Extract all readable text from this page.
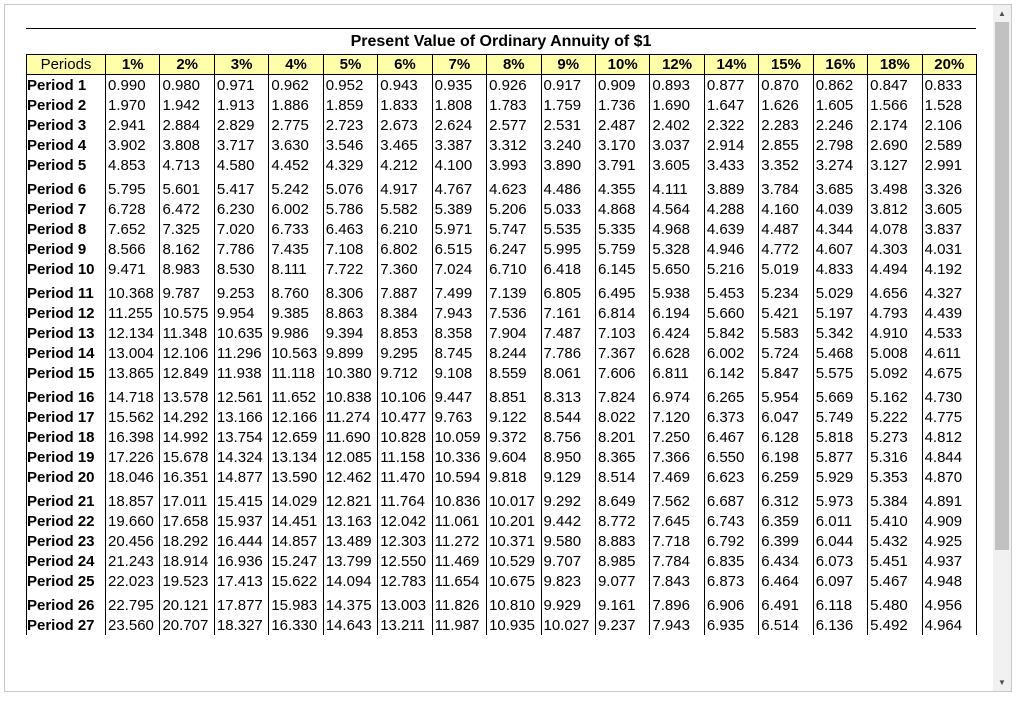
Present Value of Ordinary Annuity of $1
Periods	1%	2%	3%	4%	5%	6%	7%	8%	9%	10%	12%	14%	15%	16%	18%	20%
Period 1	0.990	0.980	0.971	0.962	0.952	0.943	0.935	0.926	0.917	0.909	0.893	0.877	0.870	0.862	0.847	0.833
Period 2	1.970	1.942	1.913	1.886	1.859	1.833	1.808	1.783	1.759	1.736	1.690	1.647	1.626	1.605	1.566	1.528
Period 3	2.941	2.884	2.829	2.775	2.723	2.673	2.624	2.577	2.531	2.487	2.402	2.322	2.283	2.246	2.174	2.106
Period 4	3.902	3.808	3.717	3.630	3.546	3.465	3.387	3.312	3.240	3.170	3.037	2.914	2.855	2.798	2.690	2.589
Period 5	4.853	4.713	4.580	4.452	4.329	4.212	4.100	3.993	3.890	3.791	3.605	3.433	3.352	3.274	3.127	2.991
Period 6	5.795	5.601	5.417	5.242	5.076	4.917	4.767	4.623	4.486	4.355	4.111	3.889	3.784	3.685	3.498	3.326
Period 7	6.728	6.472	6.230	6.002	5.786	5.582	5.389	5.206	5.033	4.868	4.564	4.288	4.160	4.039	3.812	3.605
Period 8	7.652	7.325	7.020	6.733	6.463	6.210	5.971	5.747	5.535	5.335	4.968	4.639	4.487	4.344	4.078	3.837
Period 9	8.566	8.162	7.786	7.435	7.108	6.802	6.515	6.247	5.995	5.759	5.328	4.946	4.772	4.607	4.303	4.031
Period 10	9.471	8.983	8.530	8.111	7.722	7.360	7.024	6.710	6.418	6.145	5.650	5.216	5.019	4.833	4.494	4.192
Period 11	10.368	9.787	9.253	8.760	8.306	7.887	7.499	7.139	6.805	6.495	5.938	5.453	5.234	5.029	4.656	4.327
Period 12	11.255	10.575	9.954	9.385	8.863	8.384	7.943	7.536	7.161	6.814	6.194	5.660	5.421	5.197	4.793	4.439
Period 13	12.134	11.348	10.635	9.986	9.394	8.853	8.358	7.904	7.487	7.103	6.424	5.842	5.583	5.342	4.910	4.533
Period 14	13.004	12.106	11.296	10.563	9.899	9.295	8.745	8.244	7.786	7.367	6.628	6.002	5.724	5.468	5.008	4.611
Period 15	13.865	12.849	11.938	11.118	10.380	9.712	9.108	8.559	8.061	7.606	6.811	6.142	5.847	5.575	5.092	4.675
Period 16	14.718	13.578	12.561	11.652	10.838	10.106	9.447	8.851	8.313	7.824	6.974	6.265	5.954	5.669	5.162	4.730
Period 17	15.562	14.292	13.166	12.166	11.274	10.477	9.763	9.122	8.544	8.022	7.120	6.373	6.047	5.749	5.222	4.775
Period 18	16.398	14.992	13.754	12.659	11.690	10.828	10.059	9.372	8.756	8.201	7.250	6.467	6.128	5.818	5.273	4.812
Period 19	17.226	15.678	14.324	13.134	12.085	11.158	10.336	9.604	8.950	8.365	7.366	6.550	6.198	5.877	5.316	4.844
Period 20	18.046	16.351	14.877	13.590	12.462	11.470	10.594	9.818	9.129	8.514	7.469	6.623	6.259	5.929	5.353	4.870
Period 21	18.857	17.011	15.415	14.029	12.821	11.764	10.836	10.017	9.292	8.649	7.562	6.687	6.312	5.973	5.384	4.891
Period 22	19.660	17.658	15.937	14.451	13.163	12.042	11.061	10.201	9.442	8.772	7.645	6.743	6.359	6.011	5.410	4.909
Period 23	20.456	18.292	16.444	14.857	13.489	12.303	11.272	10.371	9.580	8.883	7.718	6.792	6.399	6.044	5.432	4.925
Period 24	21.243	18.914	16.936	15.247	13.799	12.550	11.469	10.529	9.707	8.985	7.784	6.835	6.434	6.073	5.451	4.937
Period 25	22.023	19.523	17.413	15.622	14.094	12.783	11.654	10.675	9.823	9.077	7.843	6.873	6.464	6.097	5.467	4.948
Period 26	22.795	20.121	17.877	15.983	14.375	13.003	11.826	10.810	9.929	9.161	7.896	6.906	6.491	6.118	5.480	4.956
Period 27	23.560	20.707	18.327	16.330	14.643	13.211	11.987	10.935	10.027	9.237	7.943	6.935	6.514	6.136	5.492	4.964
▲
▼
